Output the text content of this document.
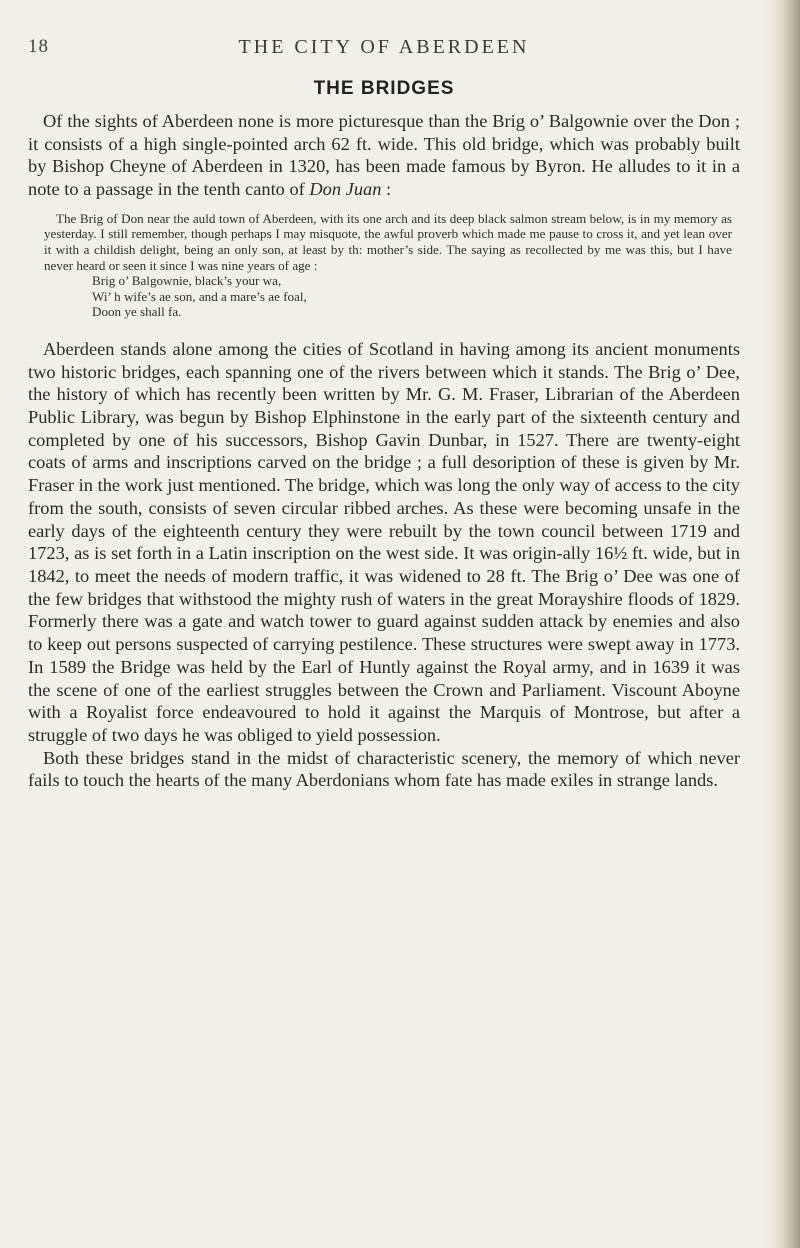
18	THE CITY OF ABERDEEN
THE BRIDGES

Of the sights of Aberdeen none is more picturesque than the Brig o’ Balgownie over the Don ; it consists of a high single-pointed arch 62 ft. wide. This old bridge, which was probably built by Bishop Cheyne of Aberdeen in 1320, has been made famous by Byron. He alludes to it in a note to a passage in the tenth canto of Don Juan :

The Brig of Don near the auld town of Aberdeen, with its one arch and its deep black salmon stream below, is in my memory as yesterday. I still remember, though perhaps I may misquote, the awful proverb which made me pause to cross it, and yet lean over it with a childish delight, being an only son, at least by th: mother’s side. The saying as recollected by me was this, but I have never heard or seen it since I was nine years of age :

Brig o’ Balgownie, black’s your wa,
Wi’ h wife’s ae son, and a mare’s ae foal,
Doon ye shall fa.

Aberdeen stands alone among the cities of Scotland in having among its ancient monuments two historic bridges, each spanning one of the rivers between which it stands. The Brig o’ Dee, the history of which has recently been written by Mr. G. M. Fraser, Librarian of the Aberdeen Public Library, was begun by Bishop Elphinstone in the early part of the sixteenth century and completed by one of his successors, Bishop Gavin Dunbar, in 1527. There are twenty-eight coats of arms and inscriptions carved on the bridge ; a full desoription of these is given by Mr. Fraser in the work just mentioned. The bridge, which was long the only way of access to the city from the south, consists of seven circular ribbed arches. As these were becoming unsafe in the early days of the eighteenth century they were rebuilt by the town council between 1719 and 1723, as is set forth in a Latin inscription on the west side. It was origin-ally 16½ ft. wide, but in 1842, to meet the needs of modern traffic, it was widened to 28 ft. The Brig o’ Dee was one of the few bridges that withstood the mighty rush of waters in the great Morayshire floods of 1829. Formerly there was a gate and watch tower to guard against sudden attack by enemies and also to keep out persons suspected of carrying pestilence. These structures were swept away in 1773. In 1589 the Bridge was held by the Earl of Huntly against the Royal army, and in 1639 it was the scene of one of the earliest struggles between the Crown and Parliament. Viscount Aboyne with a Royalist force endeavoured to hold it against the Marquis of Montrose, but after a struggle of two days he was obliged to yield possession.

Both these bridges stand in the midst of characteristic scenery, the memory of which never fails to touch the hearts of the many Aberdonians whom fate has made exiles in strange lands.
